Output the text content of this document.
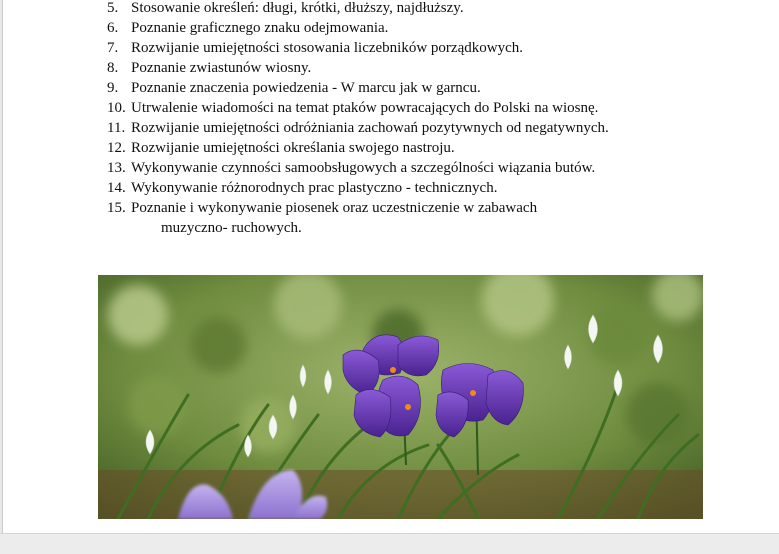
5. Stosowanie określeń: długi, krótki, dłuższy, najdłuższy.
6. Poznanie graficznego znaku odejmowania.
7. Rozwijanie umiejętności stosowania liczebników porządkowych.
8. Poznanie zwiastunów wiosny.
9. Poznanie znaczenia powiedzenia - W marcu jak w garncu.
10. Utrwalenie wiadomości na temat ptaków powracających do Polski na wiosnę.
11. Rozwijanie umiejętności odróżniania zachowań pozytywnych od negatywnych.
12. Rozwijanie umiejętności określania swojego nastroju.
13. Wykonywanie czynności samoobsługowych a szczególności wiązania butów.
14. Wykonywanie różnorodnych prac plastyczno - technicznych.
15. Poznanie i wykonywanie piosenek oraz uczestniczenie w zabawach
muzyczno- ruchowych.
